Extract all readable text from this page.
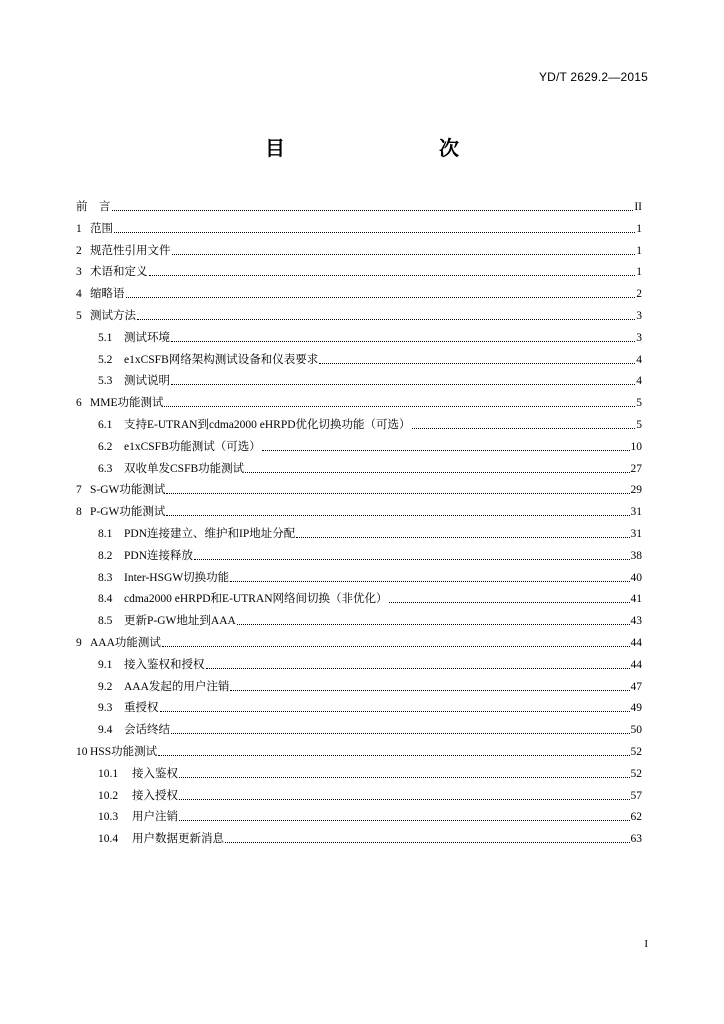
YD/T 2629.2—2015
目　　次
前　言	II
1 范围	1
2 规范性引用文件	1
3 术语和定义	1
4 缩略语	2
5 测试方法	3
5.1	测试环境	3
5.2	e1xCSFB网络架构测试设备和仪表要求	4
5.3	测试说明	4
6 MME功能测试	5
6.1	支持E-UTRAN到cdma2000 eHRPD优化切换功能（可选）	5
6.2	e1xCSFB功能测试（可选）	10
6.3	双收单发CSFB功能测试	27
7 S-GW功能测试	29
8 P-GW功能测试	31
8.1	PDN连接建立、维护和IP地址分配	31
8.2	PDN连接释放	38
8.3	Inter-HSGW切换功能	40
8.4	cdma2000 eHRPD和E-UTRAN网络间切换（非优化）	41
8.5	更新P-GW地址到AAA	43
9 AAA功能测试	44
9.1	接入鉴权和授权	44
9.2	AAA发起的用户注销	47
9.3	重授权	49
9.4	会话终结	50
10 HSS功能测试	52
10.1	接入鉴权	52
10.2	接入授权	57
10.3	用户注销	62
10.4	用户数据更新消息	63
I
